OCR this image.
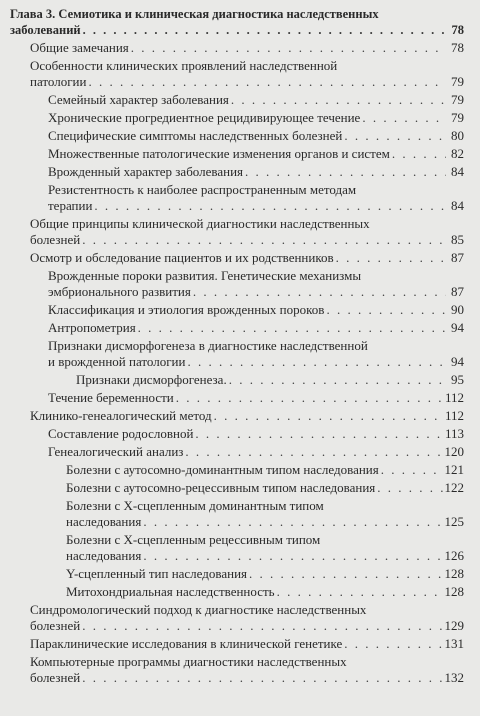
Глава 3. Семиотика и клиническая диагностика наследственных
заболеваний . . .	78
Общие замечания . . .	78
Особенности клинических проявлений наследственной
патологии . . .	79
Семейный характер заболевания . . .	79
Хронические прогредиентное рецидивирующее течение . . .	79
Специфические симптомы наследственных болезней . . .	80
Множественные патологические изменения органов и систем . . .	82
Врожденный характер заболевания . . .	84
Резистентность к наиболее распространенным методам
терапии . . .	84
Общие принципы клинической диагностики наследственных
болезней . . .	85
Осмотр и обследование пациентов и их родственников . . .	87
Врожденные пороки развития. Генетические механизмы
эмбрионального развития . . .	87
Классификация и этиология врожденных пороков . . .	90
Антропометрия . . .	94
Признаки дисморфогенеза в диагностике наследственной
и врожденной патологии . . .	94
Признаки дисморфогенеза. . . .	95
Течение беременности . . .	112
Клинико-генеалогический метод . . .	112
Составление родословной . . .	113
Генеалогический анализ . . .	120
Болезни с аутосомно-доминантным типом наследования . . .	121
Болезни с аутосомно-рецессивным типом наследования . . .	122
Болезни с Х-сцепленным доминантным типом
наследования . . .	125
Болезни с Х-сцепленным рецессивным типом
наследования . . .	126
Y-сцепленный тип наследования . . .	128
Митохондриальная наследственность . . .	128
Синдромологический подход к диагностике наследственных
болезней . . .	129
Параклинические исследования в клинической генетике . . .	131
Компьютерные программы диагностики наследственных
болезней . . .	132
